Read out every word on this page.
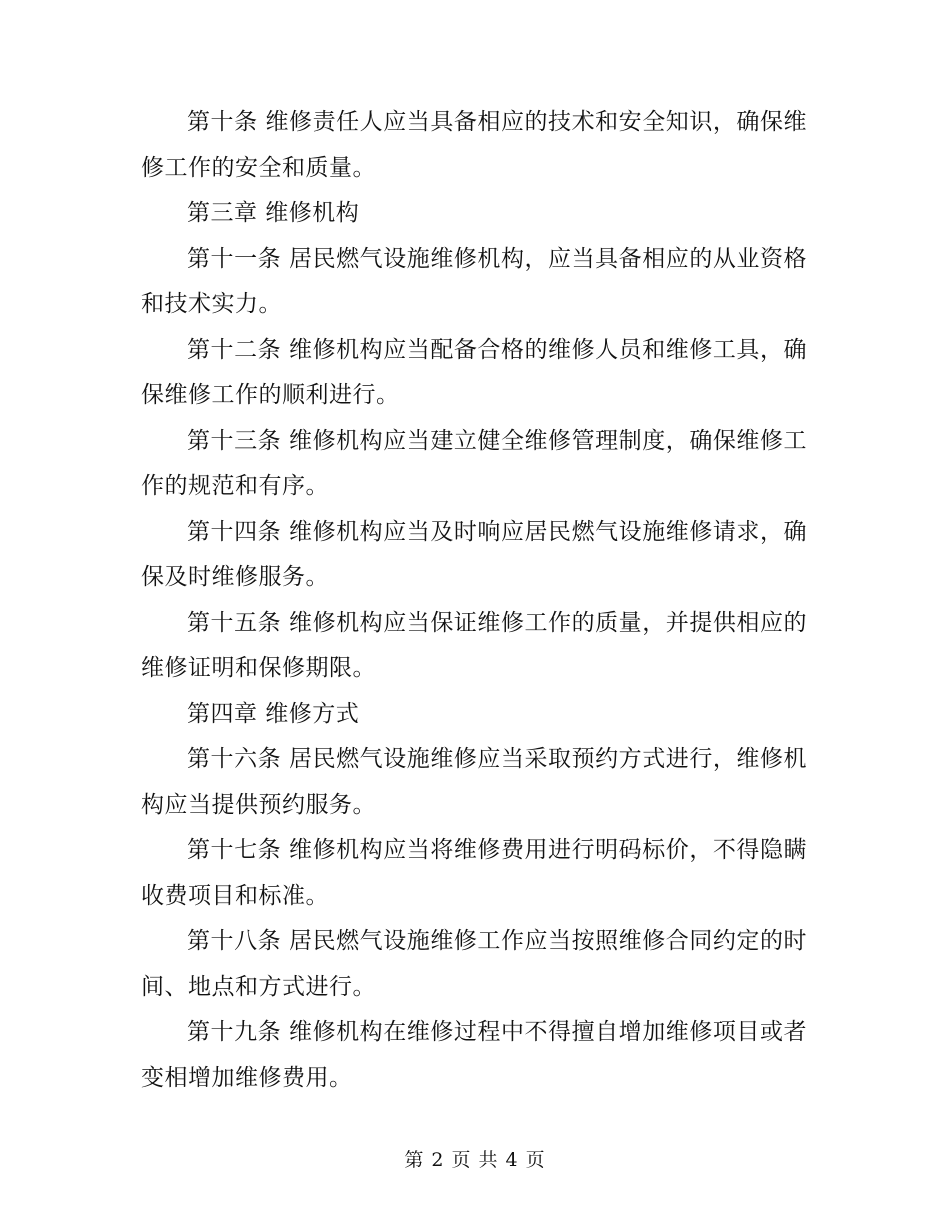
第十条 维修责任人应当具备相应的技术和安全知识，确保维修工作的安全和质量。

第三章 维修机构

第十一条 居民燃气设施维修机构，应当具备相应的从业资格和技术实力。

第十二条 维修机构应当配备合格的维修人员和维修工具，确保维修工作的顺利进行。

第十三条 维修机构应当建立健全维修管理制度，确保维修工作的规范和有序。

第十四条 维修机构应当及时响应居民燃气设施维修请求，确保及时维修服务。

第十五条 维修机构应当保证维修工作的质量，并提供相应的维修证明和保修期限。

第四章 维修方式

第十六条 居民燃气设施维修应当采取预约方式进行，维修机构应当提供预约服务。

第十七条 维修机构应当将维修费用进行明码标价，不得隐瞒收费项目和标准。

第十八条 居民燃气设施维修工作应当按照维修合同约定的时间、地点和方式进行。

第十九条 维修机构在维修过程中不得擅自增加维修项目或者变相增加维修费用。

第 2 页 共 4 页
